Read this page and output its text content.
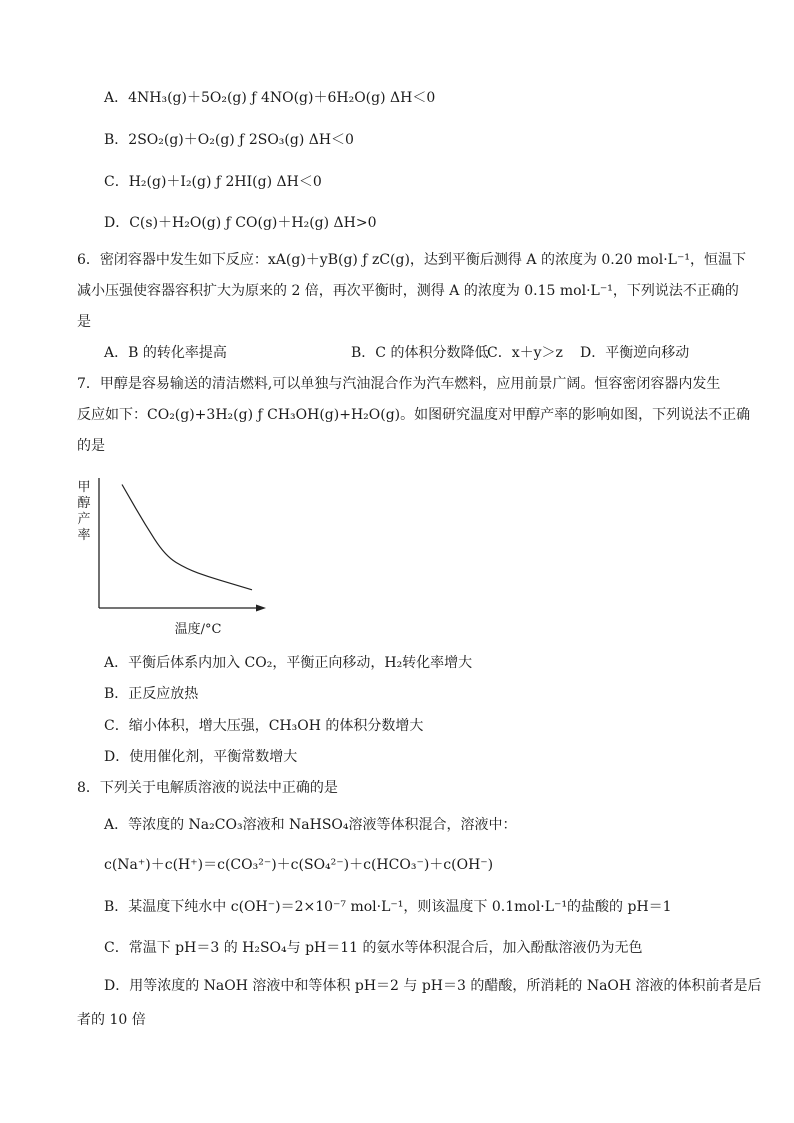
A．4NH₃(g)＋5O₂(g) ƒ 4NO(g)＋6H₂O(g) ΔH＜0
B．2SO₂(g)＋O₂(g) ƒ 2SO₃(g) ΔH＜0
C．H₂(g)＋I₂(g) ƒ 2HI(g) ΔH＜0
D．C(s)＋H₂O(g) ƒ CO(g)＋H₂(g) ΔH>0
6．密闭容器中发生如下反应：xA(g)＋yB(g) ƒ zC(g)，达到平衡后测得 A 的浓度为 0.20 mol·L⁻¹，恒温下
减小压强使容器容积扩大为原来的 2 倍，再次平衡时，测得 A 的浓度为 0.15 mol·L⁻¹，下列说法不正确的
是
A．B 的转化率提高	B．C 的体积分数降低
C．x＋y＞z D．平衡逆向移动
7．甲醇是容易输送的清洁燃料,可以单独与汽油混合作为汽车燃料，应用前景广阔。恒容密闭容器内发生
反应如下：CO₂(g)+3H₂(g) ƒ CH₃OH(g)+H₂O(g)。如图研究温度对甲醇产率的影响如图，下列说法不正确
的是
甲
醇
产
率
温度/°C
A．平衡后体系内加入 CO₂，平衡正向移动，H₂转化率增大
B．正反应放热
C．缩小体积，增大压强，CH₃OH 的体积分数增大
D．使用催化剂，平衡常数增大
8．下列关于电解质溶液的说法中正确的是
A．等浓度的 Na₂CO₃溶液和 NaHSO₄溶液等体积混合，溶液中：
c(Na⁺)＋c(H⁺)＝c(CO₃²⁻)＋c(SO₄²⁻)＋c(HCO₃⁻)＋c(OH⁻)
B．某温度下纯水中 c(OH⁻)＝2×10⁻⁷ mol·L⁻¹，则该温度下 0.1mol·L⁻¹的盐酸的 pH＝1
C．常温下 pH＝3 的 H₂SO₄与 pH＝11 的氨水等体积混合后，加入酚酞溶液仍为无色
D．用等浓度的 NaOH 溶液中和等体积 pH＝2 与 pH＝3 的醋酸，所消耗的 NaOH 溶液的体积前者是后
者的 10 倍
